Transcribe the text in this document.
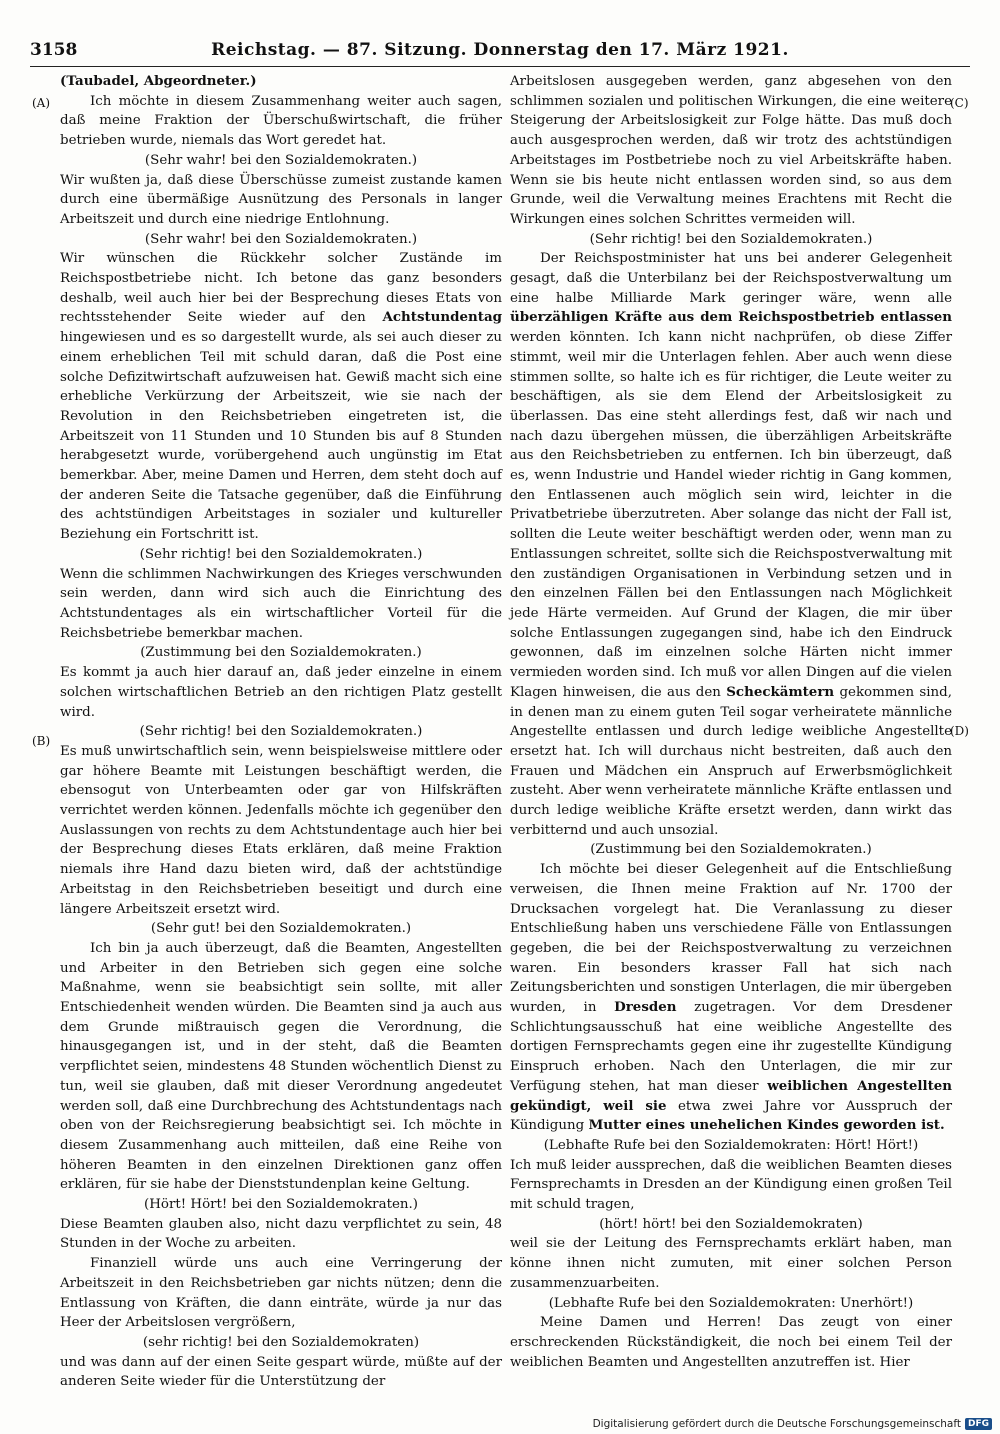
3158	Reichstag. — 87. Sitzung. Donnerstag den 17. März 1921.
(A)
(B)
(C)
(D)
(Taubadel, Abgeordneter.)

Ich möchte in diesem Zusammenhang weiter auch sagen, daß meine Fraktion der Überschußwirtschaft, die früher betrieben wurde, niemals das Wort geredet hat.

(Sehr wahr! bei den Sozialdemokraten.)

Wir wußten ja, daß diese Überschüsse zumeist zustande kamen durch eine übermäßige Ausnützung des Personals in langer Arbeitszeit und durch eine niedrige Entlohnung.

(Sehr wahr! bei den Sozialdemokraten.)

Wir wünschen die Rückkehr solcher Zustände im Reichspostbetriebe nicht. Ich betone das ganz besonders deshalb, weil auch hier bei der Besprechung dieses Etats von rechtsstehender Seite wieder auf den Achtstundentag hingewiesen und es so dargestellt wurde, als sei auch dieser zu einem erheblichen Teil mit schuld daran, daß die Post eine solche Defizitwirtschaft aufzuweisen hat. Gewiß macht sich eine erhebliche Verkürzung der Arbeitszeit, wie sie nach der Revolution in den Reichsbetrieben eingetreten ist, die Arbeitszeit von 11 Stunden und 10 Stunden bis auf 8 Stunden herabgesetzt wurde, vorübergehend auch ungünstig im Etat bemerkbar. Aber, meine Damen und Herren, dem steht doch auf der anderen Seite die Tatsache gegenüber, daß die Einführung des achtstündigen Arbeitstages in sozialer und kultureller Beziehung ein Fortschritt ist.

(Sehr richtig! bei den Sozialdemokraten.)

Wenn die schlimmen Nachwirkungen des Krieges verschwunden sein werden, dann wird sich auch die Einrichtung des Achtstundentages als ein wirtschaftlicher Vorteil für die Reichsbetriebe bemerkbar machen.

(Zustimmung bei den Sozialdemokraten.)

Es kommt ja auch hier darauf an, daß jeder einzelne in einem solchen wirtschaftlichen Betrieb an den richtigen Platz gestellt wird.

(Sehr richtig! bei den Sozialdemokraten.)

Es muß unwirtschaftlich sein, wenn beispielsweise mittlere oder gar höhere Beamte mit Leistungen beschäftigt werden, die ebensogut von Unterbeamten oder gar von Hilfskräften verrichtet werden können. Jedenfalls möchte ich gegenüber den Auslassungen von rechts zu dem Achtstundentage auch hier bei der Besprechung dieses Etats erklären, daß meine Fraktion niemals ihre Hand dazu bieten wird, daß der achtstündige Arbeitstag in den Reichsbetrieben beseitigt und durch eine längere Arbeitszeit ersetzt wird.

(Sehr gut! bei den Sozialdemokraten.)

Ich bin ja auch überzeugt, daß die Beamten, Angestellten und Arbeiter in den Betrieben sich gegen eine solche Maßnahme, wenn sie beabsichtigt sein sollte, mit aller Entschiedenheit wenden würden. Die Beamten sind ja auch aus dem Grunde mißtrauisch gegen die Verordnung, die hinausgegangen ist, und in der steht, daß die Beamten verpflichtet seien, mindestens 48 Stunden wöchentlich Dienst zu tun, weil sie glauben, daß mit dieser Verordnung angedeutet werden soll, daß eine Durchbrechung des Achtstundentags nach oben von der Reichsregierung beabsichtigt sei. Ich möchte in diesem Zusammenhang auch mitteilen, daß eine Reihe von höheren Beamten in den einzelnen Direktionen ganz offen erklären, für sie habe der Dienststundenplan keine Geltung.

(Hört! Hört! bei den Sozialdemokraten.)

Diese Beamten glauben also, nicht dazu verpflichtet zu sein, 48 Stunden in der Woche zu arbeiten.

Finanziell würde uns auch eine Verringerung der Arbeitszeit in den Reichsbetrieben gar nichts nützen; denn die Entlassung von Kräften, die dann einträte, würde ja nur das Heer der Arbeitslosen vergrößern,

(sehr richtig! bei den Sozialdemokraten)

und was dann auf der einen Seite gespart würde, müßte auf der anderen Seite wieder für die Unterstützung der

Arbeitslosen ausgegeben werden, ganz abgesehen von den schlimmen sozialen und politischen Wirkungen, die eine weitere Steigerung der Arbeitslosigkeit zur Folge hätte. Das muß doch auch ausgesprochen werden, daß wir trotz des achtstündigen Arbeitstages im Postbetriebe noch zu viel Arbeitskräfte haben. Wenn sie bis heute nicht entlassen worden sind, so aus dem Grunde, weil die Verwaltung meines Erachtens mit Recht die Wirkungen eines solchen Schrittes vermeiden will.

(Sehr richtig! bei den Sozialdemokraten.)

Der Reichspostminister hat uns bei anderer Gelegenheit gesagt, daß die Unterbilanz bei der Reichspostverwaltung um eine halbe Milliarde Mark geringer wäre, wenn alle überzähligen Kräfte aus dem Reichspostbetrieb entlassen werden könnten. Ich kann nicht nachprüfen, ob diese Ziffer stimmt, weil mir die Unterlagen fehlen. Aber auch wenn diese stimmen sollte, so halte ich es für richtiger, die Leute weiter zu beschäftigen, als sie dem Elend der Arbeitslosigkeit zu überlassen. Das eine steht allerdings fest, daß wir nach und nach dazu übergehen müssen, die überzähligen Arbeitskräfte aus den Reichsbetrieben zu entfernen. Ich bin überzeugt, daß es, wenn Industrie und Handel wieder richtig in Gang kommen, den Entlassenen auch möglich sein wird, leichter in die Privatbetriebe überzutreten. Aber solange das nicht der Fall ist, sollten die Leute weiter beschäftigt werden oder, wenn man zu Entlassungen schreitet, sollte sich die Reichspostverwaltung mit den zuständigen Organisationen in Verbindung setzen und in den einzelnen Fällen bei den Entlassungen nach Möglichkeit jede Härte vermeiden. Auf Grund der Klagen, die mir über solche Entlassungen zugegangen sind, habe ich den Eindruck gewonnen, daß im einzelnen solche Härten nicht immer vermieden worden sind. Ich muß vor allen Dingen auf die vielen Klagen hinweisen, die aus den Scheckämtern gekommen sind, in denen man zu einem guten Teil sogar verheiratete männliche Angestellte entlassen und durch ledige weibliche Angestellte ersetzt hat. Ich will durchaus nicht bestreiten, daß auch den Frauen und Mädchen ein Anspruch auf Erwerbsmöglichkeit zusteht. Aber wenn verheiratete männliche Kräfte entlassen und durch ledige weibliche Kräfte ersetzt werden, dann wirkt das verbitternd und auch unsozial.

(Zustimmung bei den Sozialdemokraten.)

Ich möchte bei dieser Gelegenheit auf die Entschließung verweisen, die Ihnen meine Fraktion auf Nr. 1700 der Drucksachen vorgelegt hat. Die Veranlassung zu dieser Entschließung haben uns verschiedene Fälle von Entlassungen gegeben, die bei der Reichspostverwaltung zu verzeichnen waren. Ein besonders krasser Fall hat sich nach Zeitungsberichten und sonstigen Unterlagen, die mir übergeben wurden, in Dresden zugetragen. Vor dem Dresdener Schlichtungsausschuß hat eine weibliche Angestellte des dortigen Fernsprechamts gegen eine ihr zugestellte Kündigung Einspruch erhoben. Nach den Unterlagen, die mir zur Verfügung stehen, hat man dieser weiblichen Angestellten gekündigt, weil sie etwa zwei Jahre vor Ausspruch der Kündigung Mutter eines unehelichen Kindes geworden ist.

(Lebhafte Rufe bei den Sozialdemokraten: Hört! Hört!)

Ich muß leider aussprechen, daß die weiblichen Beamten dieses Fernsprechamts in Dresden an der Kündigung einen großen Teil mit schuld tragen,

(hört! hört! bei den Sozialdemokraten)

weil sie der Leitung des Fernsprechamts erklärt haben, man könne ihnen nicht zumuten, mit einer solchen Person zusammenzuarbeiten.

(Lebhafte Rufe bei den Sozialdemokraten: Unerhört!)

Meine Damen und Herren! Das zeugt von einer erschreckenden Rückständigkeit, die noch bei einem Teil der weiblichen Beamten und Angestellten anzutreffen ist. Hier

Digitalisierung gefördert durch die Deutsche Forschungsgemeinschaft DFG
